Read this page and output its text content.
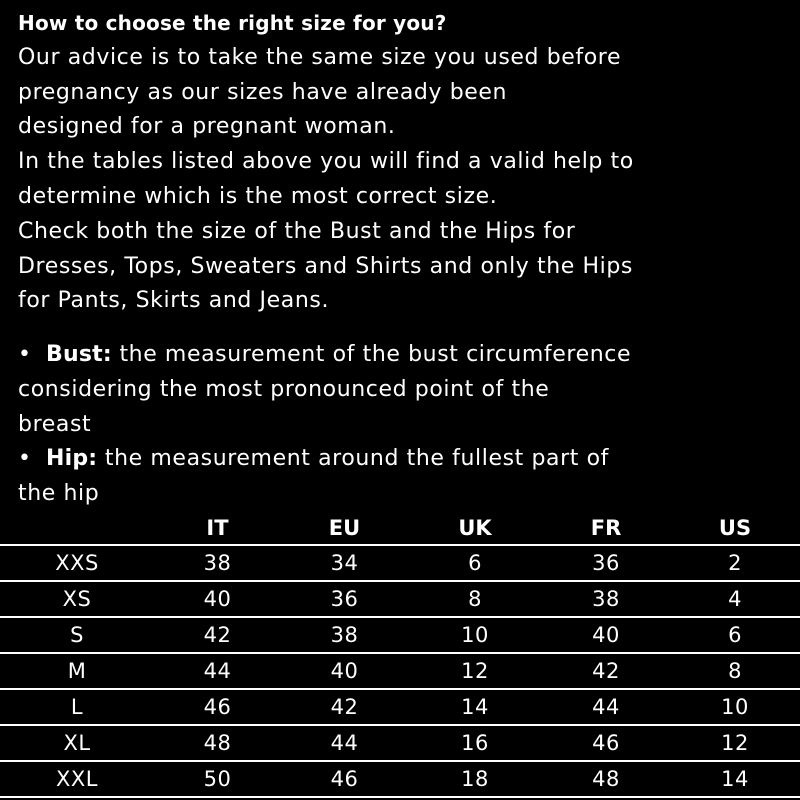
How to choose the right size for you?
Our advice is to take the same size you used before
pregnancy as our sizes have already been
designed for a pregnant woman.
In the tables listed above you will find a valid help to
determine which is the most correct size.
Check both the size of the Bust and the Hips for
Dresses, Tops, Sweaters and Shirts and only the Hips
for Pants, Skirts and Jeans.
• Bust: the measurement of the bust circumference
considering the most pronounced point of the
breast
• Hip: the measurement around the fullest part of
the hip
	IT	EU	UK	FR	US
XXS	38	34	6	36	2
XS	40	36	8	38	4
S	42	38	10	40	6
M	44	40	12	42	8
L	46	42	14	44	10
XL	48	44	16	46	12
XXL	50	46	18	48	14
